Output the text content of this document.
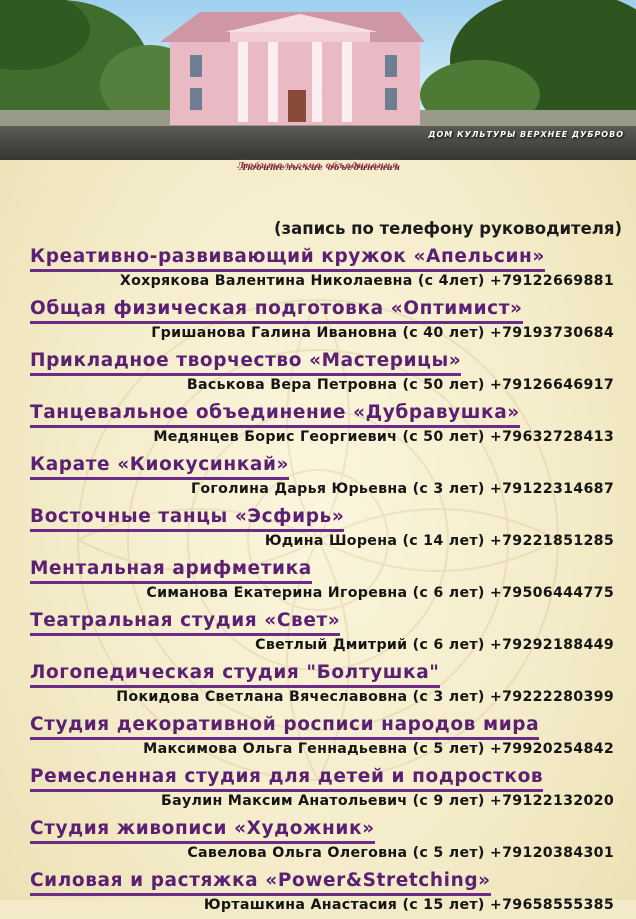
ДОМ КУЛЬТУРЫ ВЕРХНЕЕ ДУБРОВО
Любительские объединения
(запись по телефону руководителя)
Креативно-развивающий кружок «Апельсин»
Хохрякова Валентина Николаевна (с 4лет) +79122669881
Общая физическая подготовка «Оптимист»
Гришанова Галина Ивановна (с 40 лет) +79193730684
Прикладное творчество «Мастерицы»
Васькова Вера Петровна (с 50 лет) +79126646917
Танцевальное объединение «Дубравушка»
Медянцев Борис Георгиевич (с 50 лет) +79632728413
Карате «Киокусинкай»
Гоголина Дарья Юрьевна (с 3 лет) +79122314687
Восточные танцы «Эсфирь»
Юдина Шорена (с 14 лет) +79221851285
Ментальная арифметика
Симанова Екатерина Игоревна (с 6 лет) +79506444775
Театральная студия «Свет»
Светлый Дмитрий (с 6 лет) +79292188449
Логопедическая студия "Болтушка"
Покидова Светлана Вячеславовна (с 3 лет) +79222280399
Студия декоративной росписи народов мира
Максимова Ольга Геннадьевна (с 5 лет) +79920254842
Ремесленная студия для детей и подростков
Баулин Максим Анатольевич (с 9 лет) +79122132020
Студия живописи «Художник»
Савелова Ольга Олеговна (с 5 лет) +79120384301
Силовая и растяжка «Power&Stretching»
Юрташкина Анастасия (с 15 лет) +79658555385
